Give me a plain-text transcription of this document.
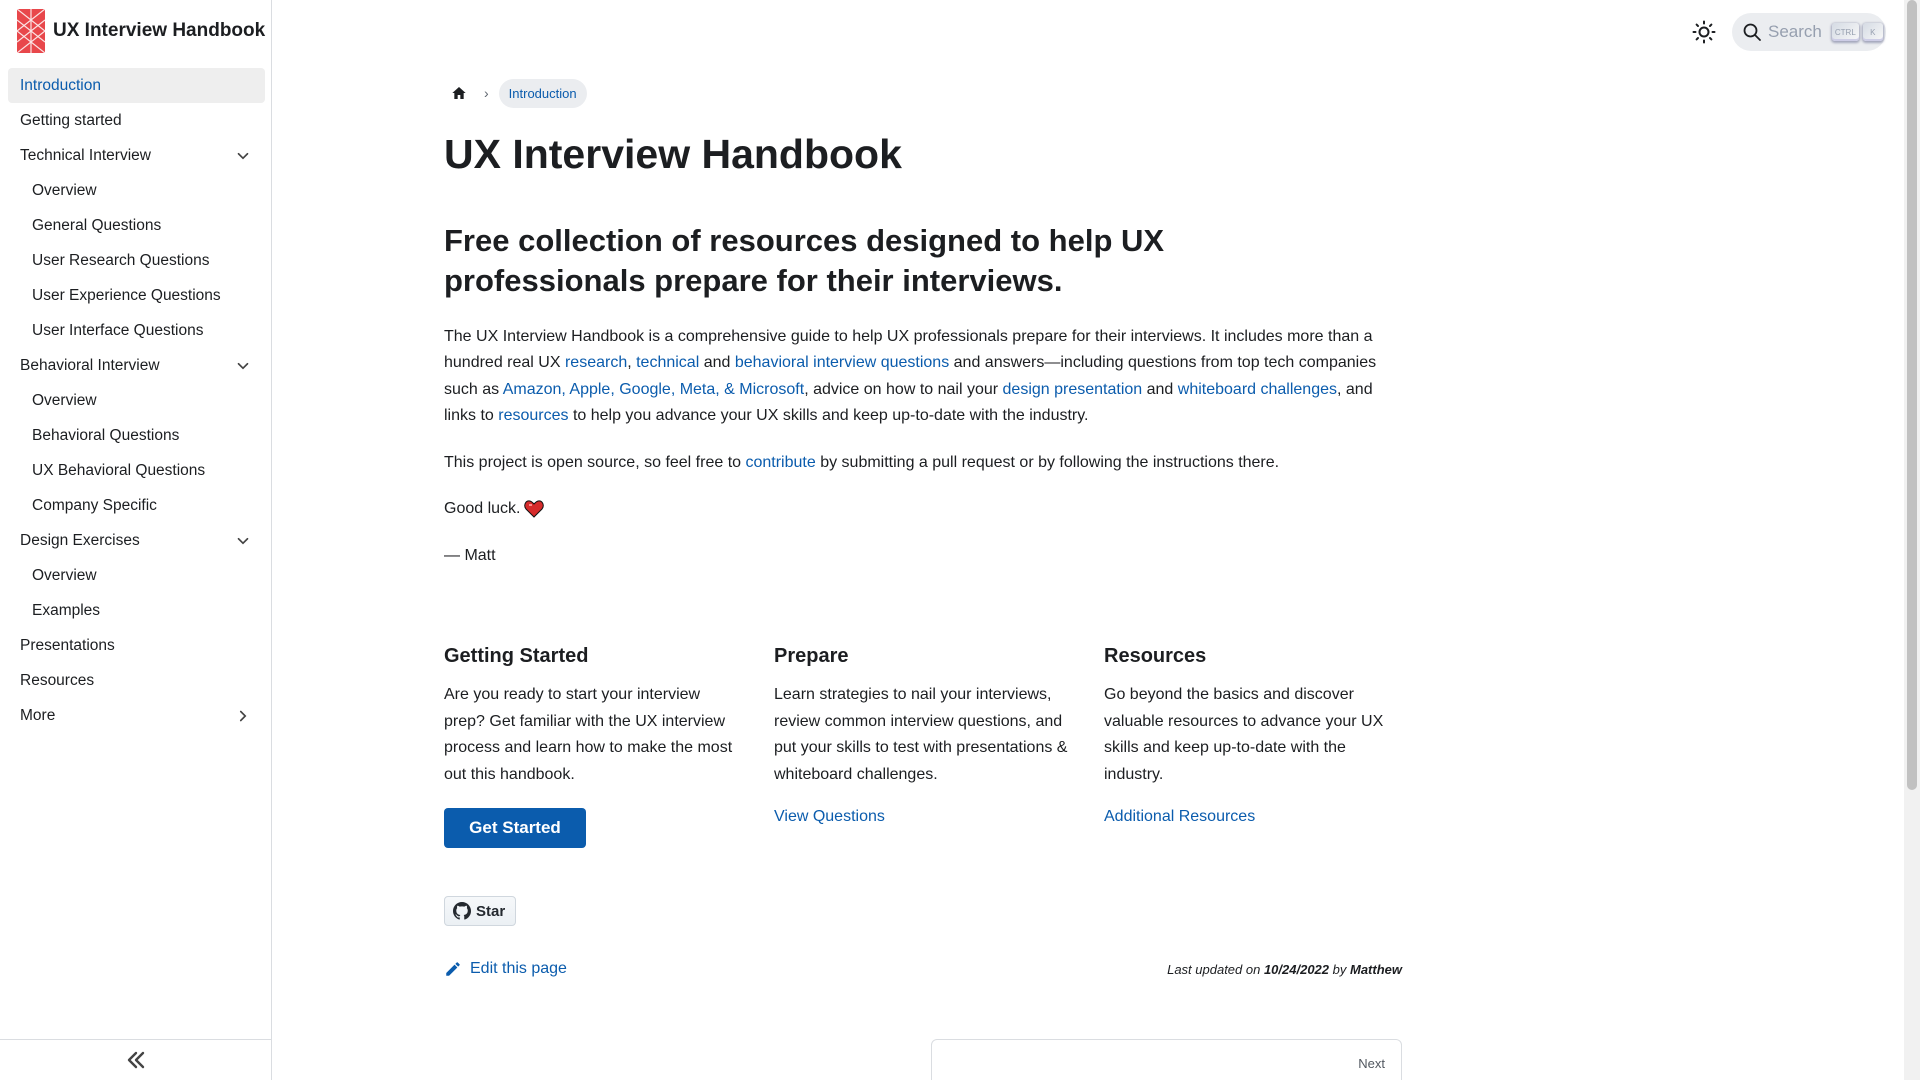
UX Interview Handbook
Introduction
Getting started
Technical Interview
Overview
General Questions
User Research Questions
User Experience Questions
User Interface Questions
Behavioral Interview
Overview
Behavioral Questions
UX Behavioral Questions
Company Specific
Design Exercises
Overview
Examples
Presentations
Resources
More
Search	CTRL	K
›	Introduction
UX Interview Handbook
Free collection of resources designed to help UX professionals prepare for their interviews.

The UX Interview Handbook is a comprehensive guide to help UX professionals prepare for their interviews. It includes more than a hundred real UX research, technical and behavioral interview questions and answers—including questions from top tech companies such as Amazon, Apple, Google, Meta, & Microsoft, advice on how to nail your design presentation and whiteboard challenges, and links to resources to help you advance your UX skills and keep up-to-date with the industry.

This project is open source, so feel free to contribute by submitting a pull request or by following the instructions there.

Good luck.

— Matt

Getting Started

Are you ready to start your interview prep? Get familiar with the UX interview process and learn how to make the most out this handbook.

Get Started
Prepare

Learn strategies to nail your interviews, review common interview questions, and put your skills to test with presentations & whiteboard challenges.

View Questions
Resources

Go beyond the basics and discover valuable resources to advance your UX skills and keep up-to-date with the industry.

Additional Resources
Star
Edit this page	Last updated on 10/24/2022 by Matthew
Next
